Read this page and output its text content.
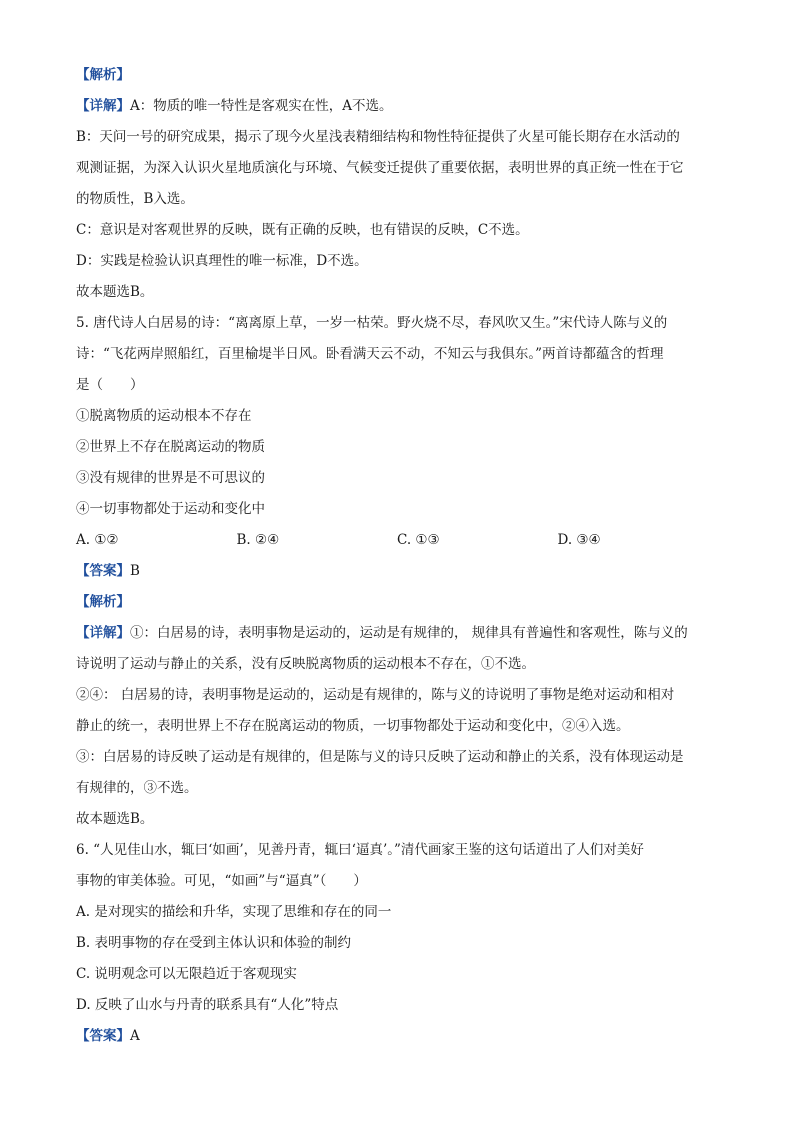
【解析】

【详解】A：物质的唯一特性是客观实在性，A不选。

B：天问一号的研究成果，揭示了现今火星浅表精细结构和物性特征提供了火星可能长期存在水活动的

观测证据，为深入认识火星地质演化与环境、气候变迁提供了重要依据，表明世界的真正统一性在于它

的物质性，B入选。

C：意识是对客观世界的反映，既有正确的反映，也有错误的反映，C不选。

D：实践是检验认识真理性的唯一标准，D不选。

故本题选B。

5. 唐代诗人白居易的诗：“离离原上草，一岁一枯荣。野火烧不尽，春风吹又生。”宋代诗人陈与义的

诗：“飞花两岸照船红，百里榆堤半日风。卧看满天云不动，不知云与我俱东。”两首诗都蕴含的哲理

是（　　）

①脱离物质的运动根本不存在

②世界上不存在脱离运动的物质

③没有规律的世界是不可思议的

④一切事物都处于运动和变化中

A. ①②	B. ②④	C. ①③	D. ③④

【答案】B

【解析】

【详解】①：白居易的诗，表明事物是运动的，运动是有规律的， 规律具有普遍性和客观性，陈与义的

诗说明了运动与静止的关系，没有反映脱离物质的运动根本不存在，①不选。

②④： 白居易的诗，表明事物是运动的，运动是有规律的，陈与义的诗说明了事物是绝对运动和相对

静止的统一，表明世界上不存在脱离运动的物质，一切事物都处于运动和变化中，②④入选。

③：白居易的诗反映了运动是有规律的，但是陈与义的诗只反映了运动和静止的关系，没有体现运动是

有规律的，③不选。

故本题选B。

6. “人见佳山水，辄曰‘如画’，见善丹青，辄曰‘逼真’。”清代画家王鉴的这句话道出了人们对美好

事物的审美体验。可见，“如画”与“逼真”（　　）

A. 是对现实的描绘和升华，实现了思维和存在的同一

B. 表明事物的存在受到主体认识和体验的制约

C. 说明观念可以无限趋近于客观现实

D. 反映了山水与丹青的联系具有“人化”特点

【答案】A
